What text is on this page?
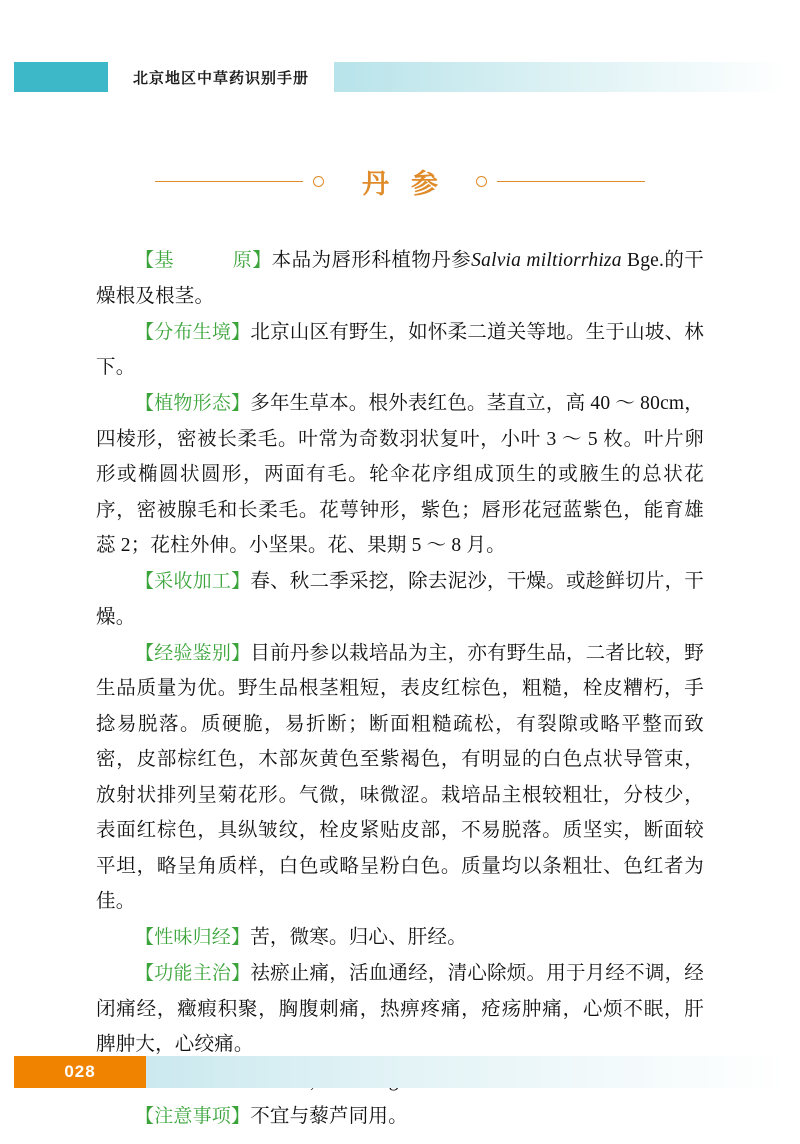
北京地区中草药识别手册
丹参

【基  原】本品为唇形科植物丹参Salvia miltiorrhiza Bge.的干燥根及根茎。

【分布生境】北京山区有野生，如怀柔二道关等地。生于山坡、林下。

【植物形态】多年生草本。根外表红色。茎直立，高 40 ～ 80cm，四棱形，密被长柔毛。叶常为奇数羽状复叶，小叶 3 ～ 5 枚。叶片卵形或椭圆状圆形，两面有毛。轮伞花序组成顶生的或腋生的总状花序，密被腺毛和长柔毛。花萼钟形，紫色；唇形花冠蓝紫色，能育雄蕊 2；花柱外伸。小坚果。花、果期 5 ～ 8 月。

【采收加工】春、秋二季采挖，除去泥沙，干燥。或趁鲜切片，干燥。

【经验鉴别】目前丹参以栽培品为主，亦有野生品，二者比较，野生品质量为优。野生品根茎粗短，表皮红棕色，粗糙，栓皮糟朽，手捻易脱落。质硬脆，易折断；断面粗糙疏松，有裂隙或略平整而致密，皮部棕红色，木部灰黄色至紫褐色，有明显的白色点状导管束，放射状排列呈菊花形。气微，味微涩。栽培品主根较粗壮，分枝少，表面红棕色，具纵皱纹，栓皮紧贴皮部，不易脱落。质坚实，断面较平坦，略呈角质样，白色或略呈粉白色。质量均以条粗壮、色红者为佳。

【性味归经】苦，微寒。归心、肝经。

【功能主治】祛瘀止痛，活血通经，清心除烦。用于月经不调，经闭痛经，癥瘕积聚，胸腹刺痛，热痹疼痛，疮疡肿痛，心烦不眠，肝脾肿大，心绞痛。

【注意事项】不宜与藜芦同用。

028
